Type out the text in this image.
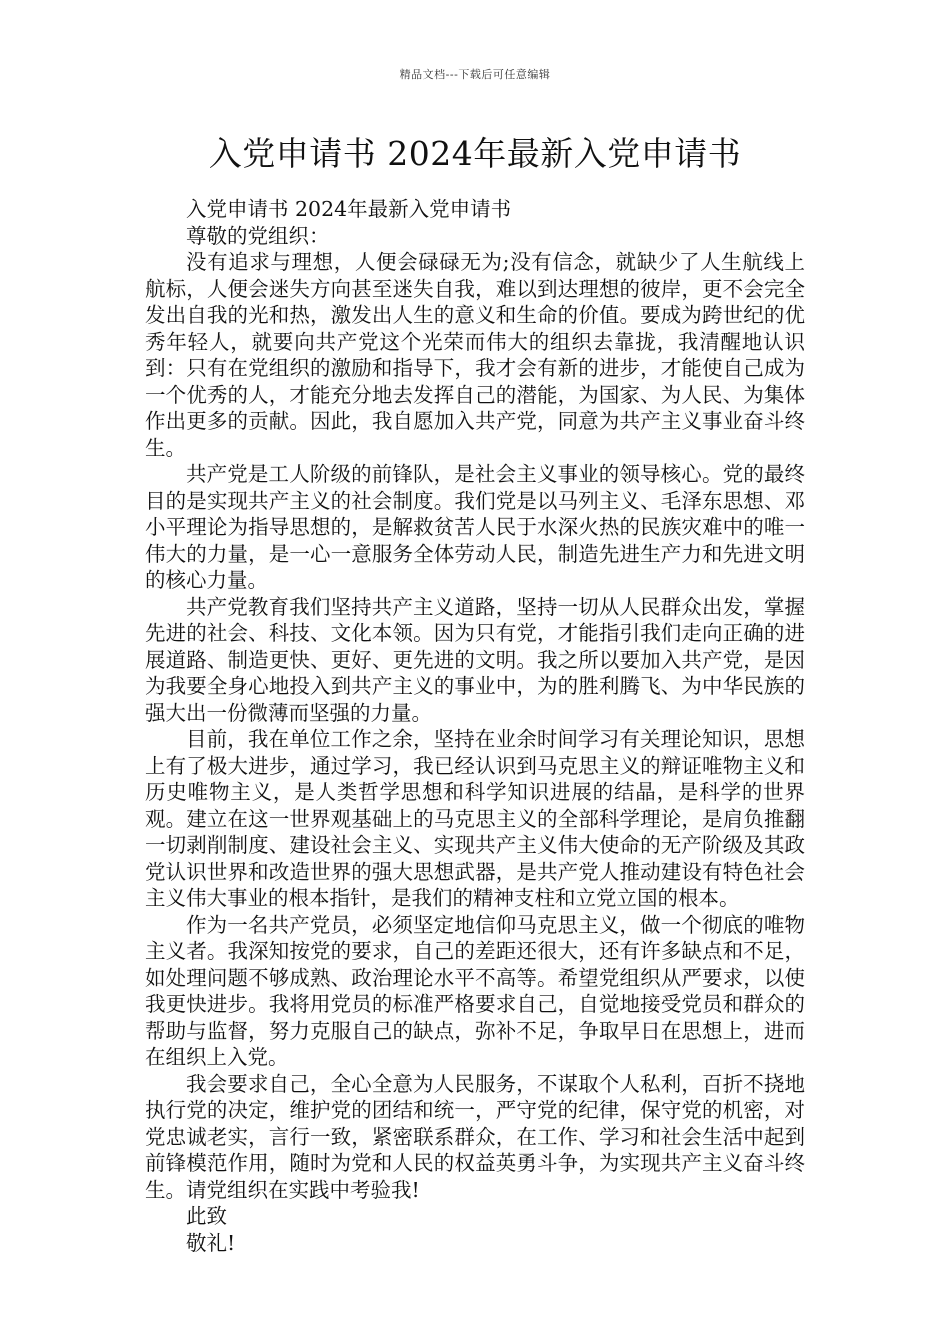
精品文档---下载后可任意编辑
入党申请书 2024年最新入党申请书

入党申请书 2024年最新入党申请书

尊敬的党组织：

没有追求与理想，人便会碌碌无为;没有信念，就缺少了人生航线上航标，人便会迷失方向甚至迷失自我，难以到达理想的彼岸，更不会完全发出自我的光和热，激发出人生的意义和生命的价值。要成为跨世纪的优秀年轻人，就要向共产党这个光荣而伟大的组织去靠拢，我清醒地认识到：只有在党组织的激励和指导下，我才会有新的进步，才能使自己成为一个优秀的人，才能充分地去发挥自己的潜能，为国家、为人民、为集体作出更多的贡献。因此，我自愿加入共产党，同意为共产主义事业奋斗终生。

共产党是工人阶级的前锋队，是社会主义事业的领导核心。党的最终目的是实现共产主义的社会制度。我们党是以马列主义、毛泽东思想、邓小平理论为指导思想的，是解救贫苦人民于水深火热的民族灾难中的唯一伟大的力量，是一心一意服务全体劳动人民，制造先进生产力和先进文明的核心力量。

共产党教育我们坚持共产主义道路，坚持一切从人民群众出发，掌握先进的社会、科技、文化本领。因为只有党，才能指引我们走向正确的进展道路、制造更快、更好、更先进的文明。我之所以要加入共产党，是因为我要全身心地投入到共产主义的事业中，为的胜利腾飞、为中华民族的强大出一份微薄而坚强的力量。

目前，我在单位工作之余，坚持在业余时间学习有关理论知识，思想上有了极大进步，通过学习，我已经认识到马克思主义的辩证唯物主义和历史唯物主义，是人类哲学思想和科学知识进展的结晶，是科学的世界观。建立在这一世界观基础上的马克思主义的全部科学理论，是肩负推翻一切剥削制度、建设社会主义、实现共产主义伟大使命的无产阶级及其政党认识世界和改造世界的强大思想武器，是共产党人推动建设有特色社会主义伟大事业的根本指针，是我们的精神支柱和立党立国的根本。

作为一名共产党员，必须坚定地信仰马克思主义，做一个彻底的唯物主义者。我深知按党的要求，自己的差距还很大，还有许多缺点和不足，如处理问题不够成熟、政治理论水平不高等。希望党组织从严要求，以使我更快进步。我将用党员的标准严格要求自己，自觉地接受党员和群众的帮助与监督，努力克服自己的缺点，弥补不足，争取早日在思想上，进而在组织上入党。

我会要求自己，全心全意为人民服务，不谋取个人私利，百折不挠地执行党的决定，维护党的团结和统一，严守党的纪律，保守党的机密，对党忠诚老实，言行一致，紧密联系群众，在工作、学习和社会生活中起到前锋模范作用，随时为党和人民的权益英勇斗争，为实现共产主义奋斗终生。请党组织在实践中考验我!

此致

敬礼!
